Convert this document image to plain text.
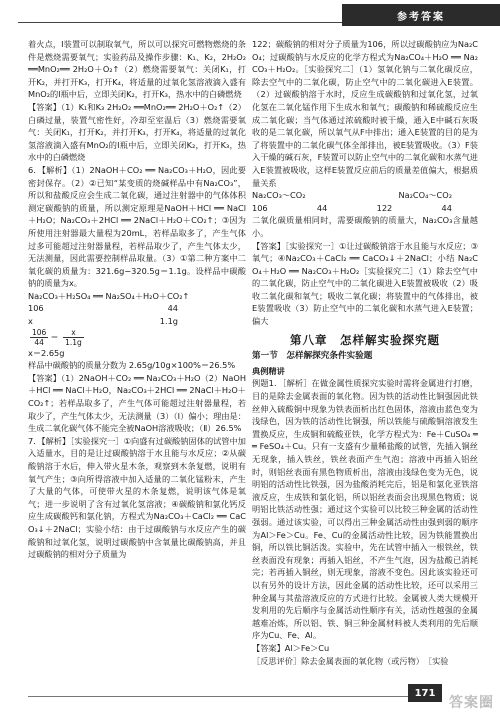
参考答案

着火点，Ⅰ装置可以制取氧气，所以可以探究可燃物燃烧的条件是燃烧需要氧气；实验药品及操作步骤：K₁、K₂，2H₂O₂ ══MnO₂══ 2H₂O＋O₂↑（2）燃烧需要氧气：关闭K₁，打开K₂，并打开K₃，打开K₄，将适量的过氧化氢溶液滴入盛有MnO₂的Ⅰ瓶中后，立即关闭K₂，打开K₃，热水中的白磷燃烧

【答案】（1）K₁和K₃ 2H₂O₂ ══MnO₂══ 2H₂O＋O₂↑（2）白磷过量，装置气密性好，冷却至室温后（3）燃烧需要氧气：关闭K₁，打开K₂，并打开K₃，打开K₄，将适量的过氧化氢溶液滴入盛有MnO₂的Ⅰ瓶中后，立即关闭K₂，打开K₃，热水中的白磷燃烧

6．【解析】（1）2NaOH＋CO₂ ══ Na₂CO₃＋H₂O，因此要密封保存。（2）②已知“某变质的烧碱样品中有Na₂CO₃”，所以和盐酸反应会生成二氧化碳，通过注射器中的气体体积测定碳酸钠的质量，所以测定原理是NaOH＋HCl ══ NaCl＋H₂O；Na₂CO₃＋2HCl ══ 2NaCl＋H₂O＋CO₂↑；③因为所使用注射器最大量程为20mL，若样品取多了，产生气体过多可能超过注射器量程，若样品取少了，产生气体太少，无法测量，因此需要控制样品取量。（3）①第二种方案中二氧化碳的质量为：321.6g−320.5g＝1.1g。设样品中碳酸钠的质量为x。

Na₂CO₃＋H₂SO₄ ══ Na₂SO₄＋H₂O＋CO₂↑

106	44
x	1.1g
$\frac{106}{44} = \frac{x}{1.1g}$

x＝2.65g

样品中碳酸钠的质量分数为 2.65g/10g×100%＝26.5%

【答案】（1）2NaOH＋CO₂ ══ Na₂CO₃＋H₂O（2）NaOH＋HCl ══ NaCl＋H₂O，Na₂CO₃＋2HCl ══ 2NaCl＋H₂O＋CO₂↑；若样品取多了，产生气体可能超过注射器量程，若取少了，产生气体太少，无法测量（3）（Ⅰ）偏小；理由是：生成二氧化碳气体不能完全被NaOH溶液吸收；（Ⅱ）26.5%

7．【解析】［实验探究一］①向盛有过碳酸钠固体的试管中加入适量水，目的是让过碳酸钠溶于水且能与水反应；②从碳酸钠溶于水后，伸入带火星木条，观察到木条复燃，说明有氧气产生；③向所得溶液中加入适量的二氧化锰粉末，产生了大量的气体，可使带火星的木条复燃，说明该气体是氧气；进一步说明了含有过氧化氢溶液；④碳酸钠和氯化钙反应生成碳酸钙和氯化钠，方程式为Na₂CO₃＋CaCl₂ ══ CaCO₃↓＋2NaCl；实验小结：由于过碳酸钠与水反应产生的碳酸钠和过氧化氢，说明过碳酸钠中含氧量比碳酸钠高，并且过碳酸钠的相对分子质量为

122；碳酸钠的相对分子质量为106，所以过碳酸钠应为Na₂CO₄；过碳酸钠与水反应的化学方程式为Na₂CO₄＋H₂O ══ Na₂CO₃＋H₂O₂。［实验探究二］（1）氢氧化钠与二氧化碳反应，除去空气中的二氧化碳，防止空气中的二氧化碳进入E装置。（2）过碳酸钠溶于水时，反应生成碳酸钠和过氧化氢，过氧化氢在二氧化锰作用下生成水和氧气；碳酸钠和稀硫酸反应生成二氧化碳；当气体通过浓硫酸时被干燥，通入E中碱石灰吸收的是二氧化碳，所以氧气从F中排出；通入E装置的目的是为了将装置中的二氧化碳气体全部排出，被E装置吸收。（3）F装入干燥的碱石灰，F装置可以防止空气中的二氧化碳和水蒸气进入E装置被吸收，这样E装置反应前后的质量差值偏大，根据质量关系

Na₂CO₃～CO₂	Na₂CO₄～CO₂
106	44	122	44

二氧化碳质量相同时，需要碳酸钠的质量大，Na₂CO₃含量越小。

【答案】［实验探究一］①让过碳酸钠溶于水且能与水反应；③氧气；④Na₂CO₃＋CaCl₂ ══ CaCO₃↓＋2NaCl；小结 Na₂CO₄＋H₂O ══ Na₂CO₃＋H₂O₂［实验探究二］（1）除去空气中的二氧化碳，防止空气中的二氧化碳进入E装置被吸收（2）吸收二氧化碳和氧气；吸收二氧化碳；将装置中的气体排出，被E装置吸收（3）防止空气中的二氧化碳和水蒸气进入E装置；偏大

第八章　怎样解实验探究题
第一节　怎样解探究条件实验题
典例精讲

例题1．［解析］在做金属性质探究实验时需将金属进行打磨，目的是除去金属表面的氧化物。因为铁的活动性比铜强因此铁丝伸入硫酸铜中现象为铁表面析出红色固体，溶液由蓝色变为浅绿色，因为铁的活动性比铜强，所以铁能与硫酸铜溶液发生置换反应，生成铜和硫酸亚铁，化学方程式为：Fe＋CuSO₄ ══ FeSO₄＋Cu。只有一支盛有少量稀盐酸的试管，先插入铜丝无现象，插入铁丝，铁丝表面产生气泡；溶液中再插入铝丝时，则铝丝表面有黑色物质析出，溶液由浅绿色变为无色，说明铝的活动性比铁强，因为盐酸消耗完后，铝是和氯化亚铁溶液反应，生成铁和氯化铝，所以铝丝表面会出现黑色物质；说明铝比铁活动性强；通过这个实验可以比较三种金属的活动性强弱。通过该实验，可以得出三种金属活动性由强到弱的顺序为Al＞Fe＞Cu。Fe、Cu的金属活动性比较，因为铁能置换出铜，所以铁比铜活泼。实验中，先在试管中插入一根铁丝，铁丝表面没有现象；再插入铝丝，不产生气泡，因为盐酸已消耗完；若再插入铜丝，则无现象，溶液不变色。因此该实验还可以有另外的设计方法，因此金属的活动性比较，还可以采用三种金属与其盐溶液反应的方式进行比较。金属被人类大规模开发利用的先后顺序与金属活动性顺序有关，活动性越强的金属越难冶炼，所以铝、铁、铜三种金属材料被人类利用的先后顺序为Cu、Fe、Al。

【答案】Al＞Fe＞Cu

［反思评价］除去金属表面的氧化物（或污物）　［实验

171
答案圈
